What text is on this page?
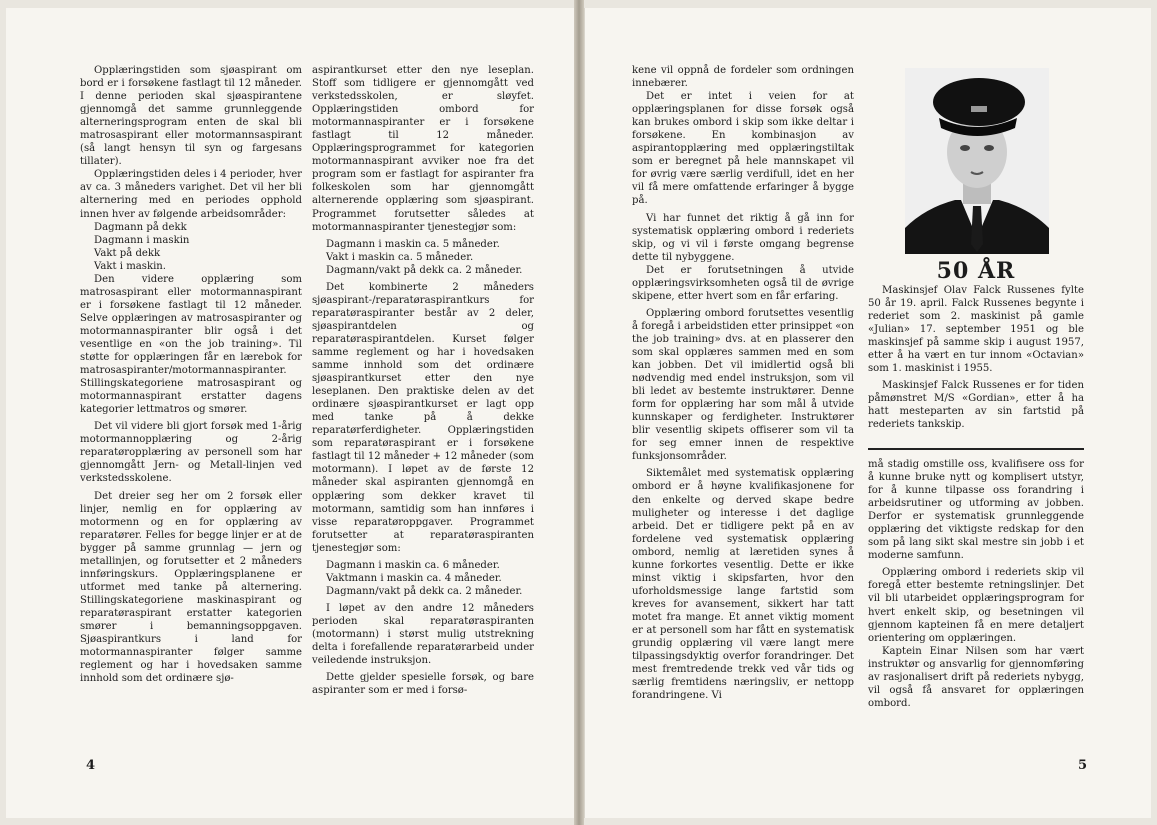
Opplæringstiden som sjøaspirant om bord er i forsøkene fastlagt til 12 måneder. I denne perioden skal sjøaspirantene gjennomgå det samme grunnleggende alterneringsprogram enten de skal bli matrosaspirant eller motormannsaspirant (så langt hensyn til syn og fargesans tillater).

Opplæringstiden deles i 4 perioder, hver av ca. 3 måneders varighet. Det vil her bli alternering med en periodes opphold innen hver av følgende arbeidsområder:

Dagmann på dekk
Dagmann i maskin
Vakt på dekk
Vakt i maskin.

Den videre opplæring som matrosaspirant eller motormannaspirant er i forsøkene fastlagt til 12 måneder. Selve opplæringen av matrosaspiranter og motormannaspiranter blir også i det vesentlige en «on the job training». Til støtte for opplæringen får en lærebok for matrosaspiranter/motormannaspiranter. Stillingskategoriene matrosaspirant og motormannaspirant erstatter dagens kategorier lettmatros og smører.

Det vil videre bli gjort forsøk med 1-årig motormannopplæring og 2-årig reparatøropplæring av personell som har gjennomgått Jern- og Metall-linjen ved verkstedsskolene.

Det dreier seg her om 2 forsøk eller linjer, nemlig en for opplæring av motormenn og en for opplæring av reparatører. Felles for begge linjer er at de bygger på samme grunnlag — jern og metallinjen, og forutsetter et 2 måneders innføringskurs. Opplæringsplanene er utformet med tanke på alternering. Stillingskategoriene maskinaspirant og reparatøraspirant erstatter kategorien smører i bemanningsoppgaven. Sjøaspirantkurs i land for motormannaspiranter følger samme reglement og har i hovedsaken samme innhold som det ordinære sjø-

aspirantkurset etter den nye leseplan. Stoff som tidligere er gjennomgått ved verkstedsskolen, er sløyfet. Opplæringstiden ombord for motormannaspiranter er i forsøkene fastlagt til 12 måneder. Opplæringsprogrammet for kategorien motormannaspirant avviker noe fra det program som er fastlagt for aspiranter fra folkeskolen som har gjennomgått alternerende opplæring som sjøaspirant. Programmet forutsetter således at motormannaspiranter tjenestegjør som:

Dagmann i maskin ca. 5 måneder.
Vakt i maskin ca. 5 måneder.
Dagmann/vakt på dekk ca. 2 måneder.

Det kombinerte 2 måneders sjøaspirant-/reparatøraspirantkurs for reparatøraspiranter består av 2 deler, sjøaspirantdelen og reparatøraspirantdelen. Kurset følger samme reglement og har i hovedsaken samme innhold som det ordinære sjøaspirantkurset etter den nye leseplanen. Den praktiske delen av det ordinære sjøaspirantkurset er lagt opp med tanke på å dekke reparatørferdigheter. Opplæringstiden som reparatøraspirant er i forsøkene fastlagt til 12 måneder + 12 måneder (som motormann). I løpet av de første 12 måneder skal aspiranten gjennomgå en opplæring som dekker kravet til motormann, samtidig som han innføres i visse reparatøroppgaver. Programmet forutsetter at reparatøraspiranten tjenestegjør som:

Dagmann i maskin ca. 6 måneder.
Vaktmann i maskin ca. 4 måneder.
Dagmann/vakt på dekk ca. 2 måneder.

I løpet av den andre 12 måneders perioden skal reparatøraspiranten (motormann) i størst mulig utstrekning delta i forefallende reparatørarbeid under veiledende instruksjon.

Dette gjelder spesielle forsøk, og bare aspiranter som er med i forsø-

4

kene vil oppnå de fordeler som ordningen innebærer.

Det er intet i veien for at opplæringsplanen for disse forsøk også kan brukes ombord i skip som ikke deltar i forsøkene. En kombinasjon av aspirantopplæring med opplæringstiltak som er beregnet på hele mannskapet vil for øvrig være særlig verdifull, idet en her vil få mere omfattende erfaringer å bygge på.

Vi har funnet det riktig å gå inn for systematisk opplæring ombord i rederiets skip, og vi vil i første omgang begrense dette til nybyggene.

Det er forutsetningen å utvide opplæringsvirksomheten også til de øvrige skipene, etter hvert som en får erfaring.

Opplæring ombord forutsettes vesentlig å foregå i arbeidstiden etter prinsippet «on the job training» dvs. at en plasserer den som skal opplæres sammen med en som kan jobben. Det vil imidlertid også bli nødvendig med endel instruksjon, som vil bli ledet av bestemte instruktører. Denne form for opplæring har som mål å utvide kunnskaper og ferdigheter. Instruktører blir vesentlig skipets offiserer som vil ta for seg emner innen de respektive funksjonsområder.

Siktemålet med systematisk opplæring ombord er å høyne kvalifikasjonene for den enkelte og derved skape bedre muligheter og interesse i det daglige arbeid. Det er tidligere pekt på en av fordelene ved systematisk opplæring ombord, nemlig at læretiden synes å kunne forkortes vesentlig. Dette er ikke minst viktig i skipsfarten, hvor den uforholdsmessige lange fartstid som kreves for avansement, sikkert har tatt motet fra mange. Et annet viktig moment er at personell som har fått en systematisk grundig opplæring vil være langt mere tilpassingsdyktig overfor forandringer. Det mest fremtredende trekk ved vår tids og særlig fremtidens næringsliv, er nettopp forandringene. Vi

50 ÅR

Maskinsjef Olav Falck Russenes fylte 50 år 19. april. Falck Russenes begynte i rederiet som 2. maskinist på gamle «Julian» 17. september 1951 og ble maskinsjef på samme skip i august 1957, etter å ha vært en tur innom «Octavian» som 1. maskinist i 1955.

Maskinsjef Falck Russenes er for tiden påmønstret M/S «Gordian», etter å ha hatt mesteparten av sin fartstid på rederiets tankskip.

må stadig omstille oss, kvalifisere oss for å kunne bruke nytt og komplisert utstyr, for å kunne tilpasse oss forandring i arbeidsrutiner og utforming av jobben. Derfor er systematisk grunnleggende opplæring det viktigste redskap for den som på lang sikt skal mestre sin jobb i et moderne samfunn.

Opplæring ombord i rederiets skip vil foregå etter bestemte retningslinjer. Det vil bli utarbeidet opplæringsprogram for hvert enkelt skip, og besetningen vil gjennom kapteinen få en mere detaljert orientering om opplæringen.

Kaptein Einar Nilsen som har vært instruktør og ansvarlig for gjennomføring av rasjonalisert drift på rederiets nybygg, vil også få ansvaret for opplæringen ombord.

5
